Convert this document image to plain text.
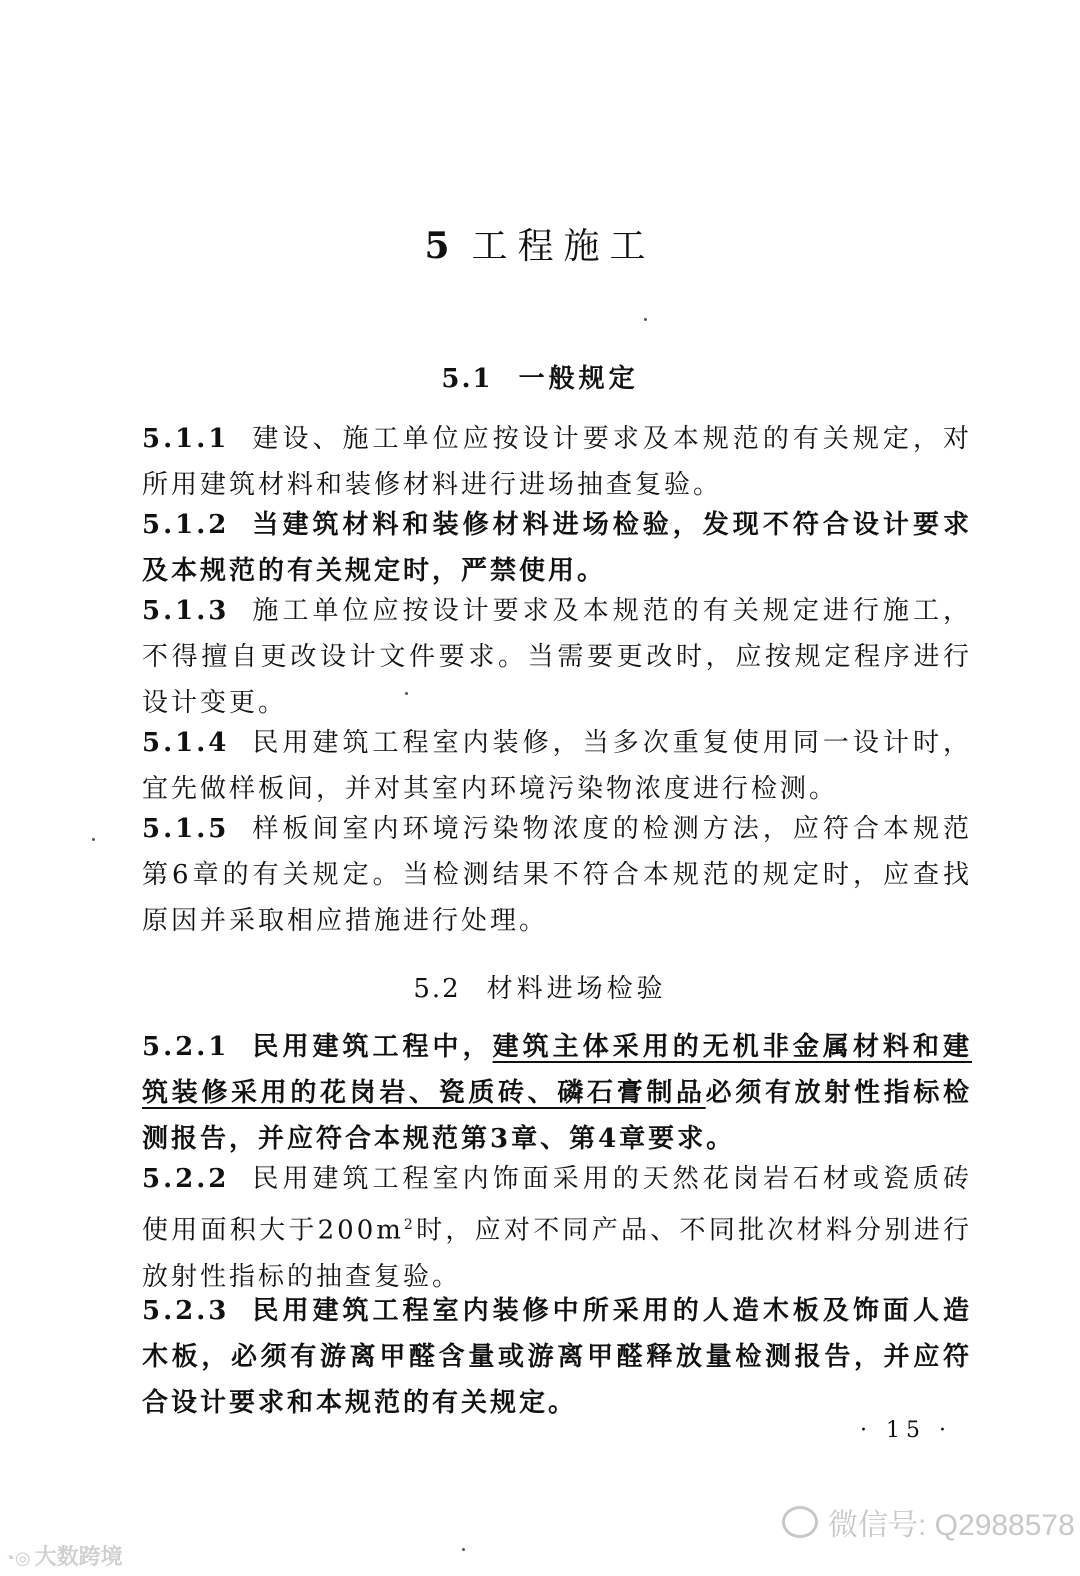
5 工程施工
5.1 一般规定
5.1.1 建设、施工单位应按设计要求及本规范的有关规定，对所用建筑材料和装修材料进行进场抽查复验。
5.1.2 当建筑材料和装修材料进场检验，发现不符合设计要求及本规范的有关规定时，严禁使用。
5.1.3 施工单位应按设计要求及本规范的有关规定进行施工，不得擅自更改设计文件要求。当需要更改时，应按规定程序进行设计变更。
5.1.4 民用建筑工程室内装修，当多次重复使用同一设计时，宜先做样板间，并对其室内环境污染物浓度进行检测。
5.1.5 样板间室内环境污染物浓度的检测方法，应符合本规范第6章的有关规定。当检测结果不符合本规范的规定时，应查找原因并采取相应措施进行处理。
5.2 材料进场检验
5.2.1 民用建筑工程中，建筑主体采用的无机非金属材料和建筑装修采用的花岗岩、瓷质砖、磷石膏制品必须有放射性指标检测报告，并应符合本规范第3章、第4章要求。
5.2.2 民用建筑工程室内饰面采用的天然花岗岩石材或瓷质砖使用面积大于$200m^2$时，应对不同产品、不同批次材料分别进行放射性指标的抽查复验。
5.2.3 民用建筑工程室内装修中所采用的人造木板及饰面人造木板，必须有游离甲醛含量或游离甲醛释放量检测报告，并应符合设计要求和本规范的有关规定。
· 15 ·
◔◎ 大数跨境
微信号: Q2988578
